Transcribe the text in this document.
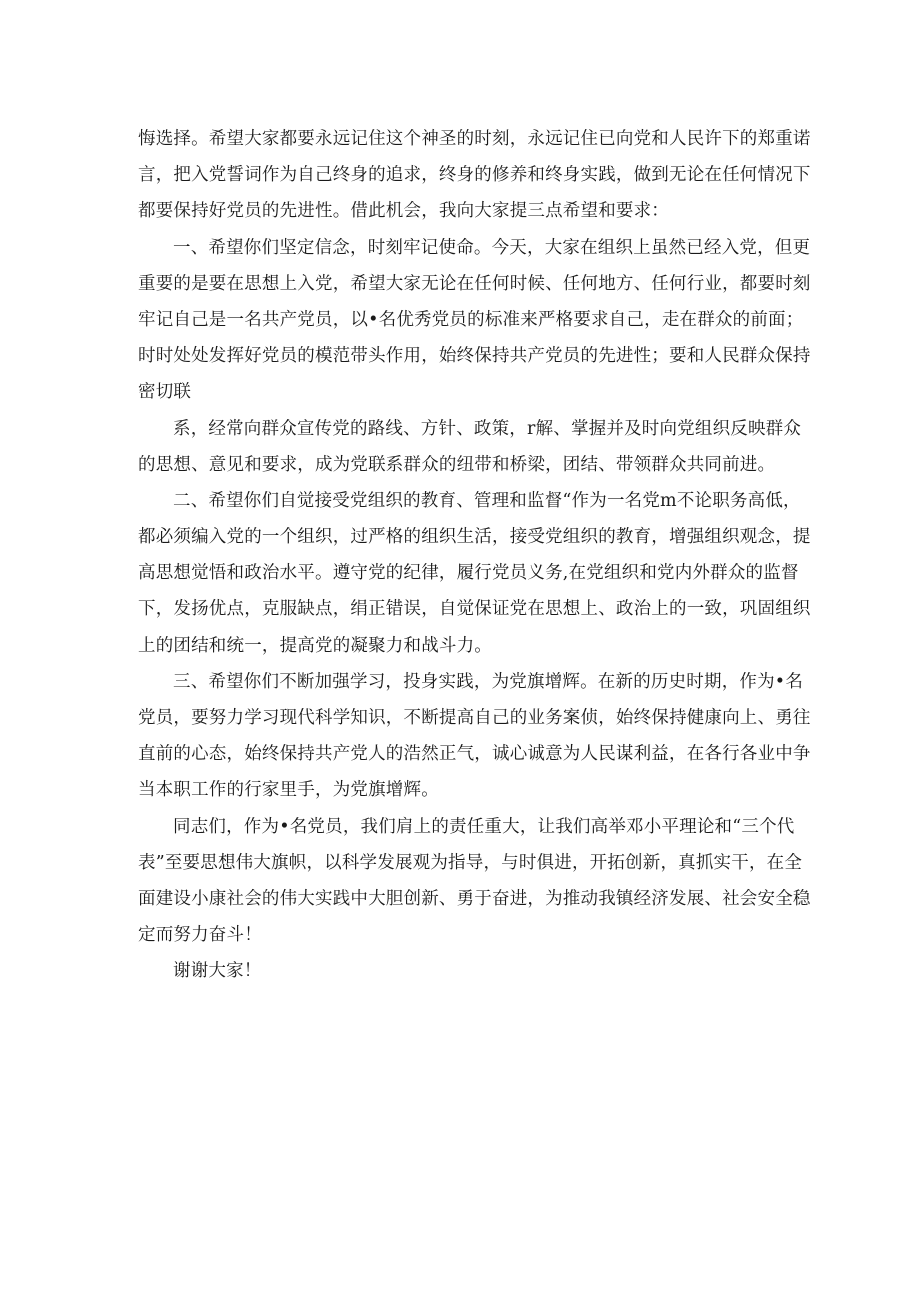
悔选择。希望大家都要永远记住这个神圣的时刻，永远记住已向党和人民许下的郑重诺
言，把入党誓词作为自己终身的追求，终身的修养和终身实践，做到无论在任何情况下
都要保持好党员的先进性。借此机会，我向大家提三点希望和要求：
一、希望你们坚定信念，时刻牢记使命。今天，大家在组织上虽然已经入党，但更
重要的是要在思想上入党，希望大家无论在任何时候、任何地方、任何行业，都要时刻
牢记自己是一名共产党员，以•名优秀党员的标准来严格要求自己，走在群众的前面；
时时处处发挥好党员的模范带头作用，始终保持共产党员的先进性；要和人民群众保持
密切联
系，经常向群众宣传党的路线、方针、政策，r解、掌握并及时向党组织反映群众
的思想、意见和要求，成为党联系群众的纽带和桥梁，团结、带领群众共同前进。
二、希望你们自觉接受党组织的教育、管理和监督“作为一名党m不论职务高低，
都必须编入党的一个组织，过严格的组织生活，接受党组织的教育，增强组织观念，提
高思想觉悟和政治水平。遵守党的纪律，履行党员义务,在党组织和党内外群众的监督
下，发扬优点，克服缺点，绢正错误，自觉保证党在思想上、政治上的一致，巩固组织
上的团结和统一，提高党的凝聚力和战斗力。
三、希望你们不断加强学习，投身实践，为党旗增辉。在新的历史时期，作为•名
党员，要努力学习现代科学知识，不断提高自己的业务案侦，始终保持健康向上、勇往
直前的心态，始终保持共产党人的浩然正气，诚心诚意为人民谋利益，在各行各业中争
当本职工作的行家里手，为党旗增辉。
同志们，作为•名党员，我们肩上的责任重大，让我们高举邓小平理论和“三个代
表”至要思想伟大旗帜，以科学发展观为指导，与时俱进，开拓创新，真抓实干，在全
面建设小康社会的伟大实践中大胆创新、勇于奋进，为推动我镇经济发展、社会安全稳
定而努力奋斗！
谢谢大家！
